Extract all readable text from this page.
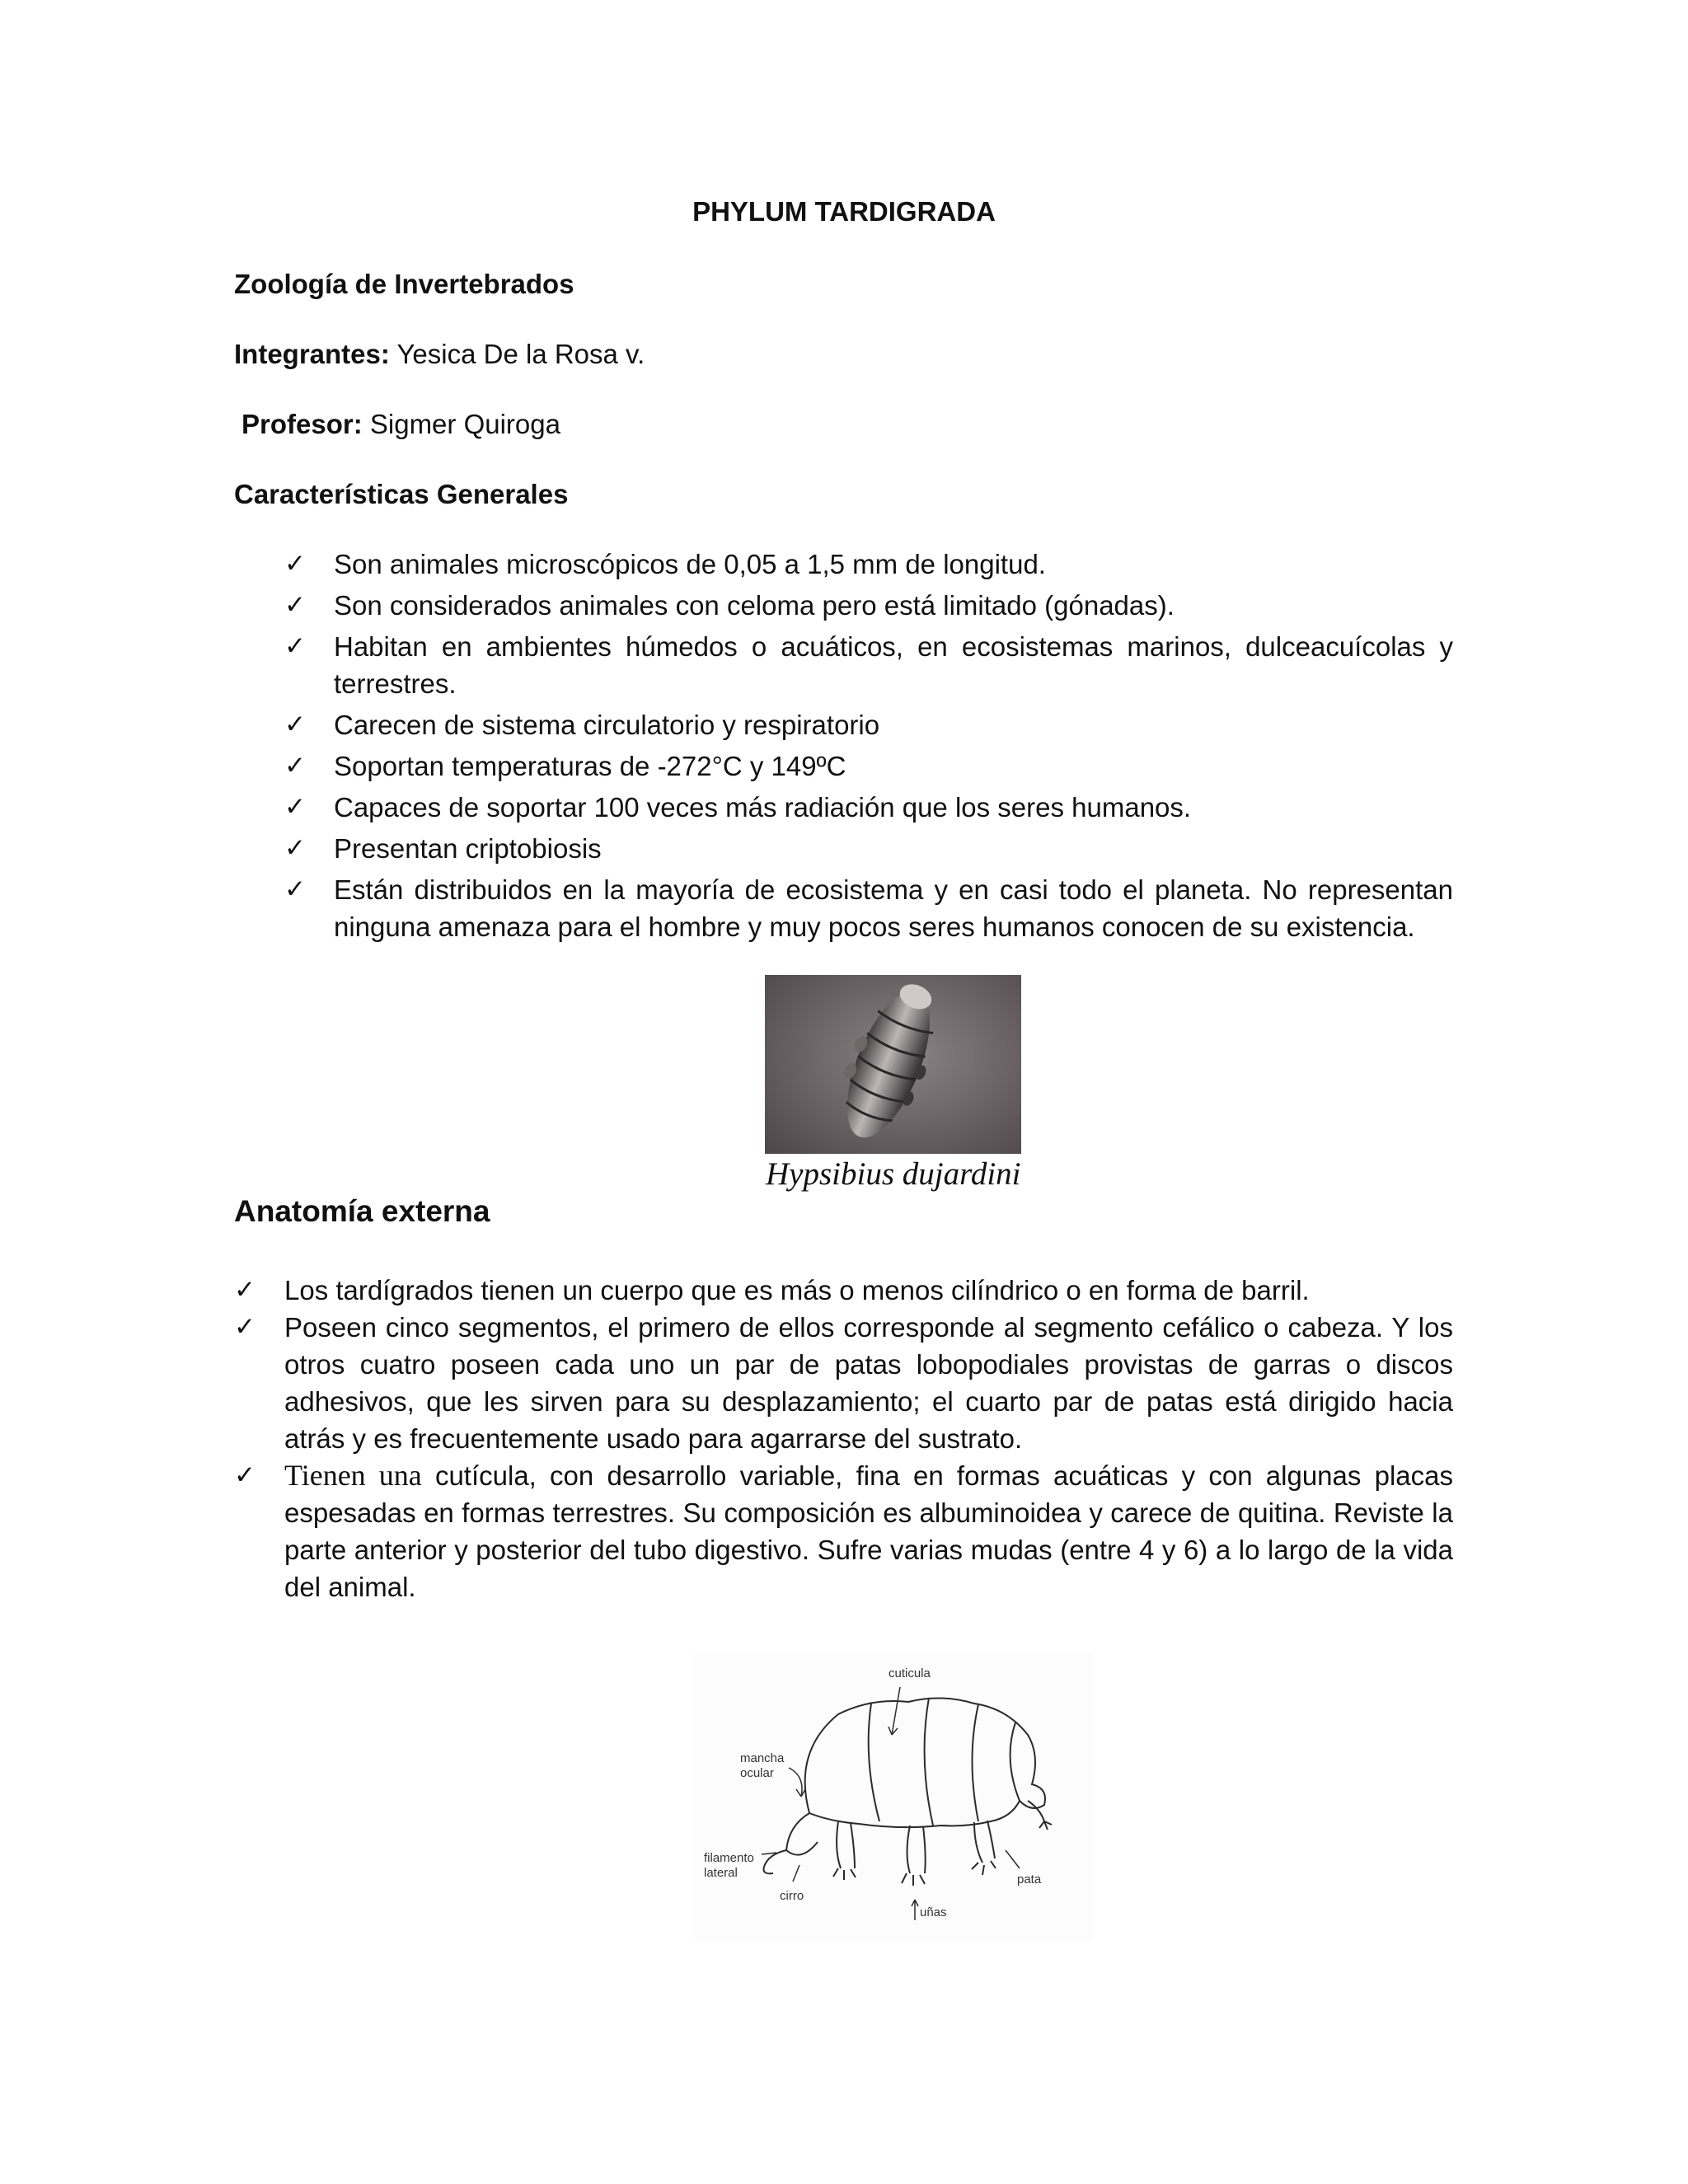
PHYLUM TARDIGRADA

Zoología de Invertebrados

Integrantes: Yesica De la Rosa v.

Profesor: Sigmer Quiroga

Características Generales

✓ Son animales microscópicos de 0,05 a 1,5 mm de longitud.
✓ Son considerados animales con celoma pero está limitado (gónadas).
✓ Habitan en ambientes húmedos o acuáticos, en ecosistemas marinos, dulceacuícolas y terrestres.
✓ Carecen de sistema circulatorio y respiratorio
✓ Soportan temperaturas de -272°C y 149ºC
✓ Capaces de soportar 100 veces más radiación que los seres humanos.
✓ Presentan criptobiosis
✓ Están distribuidos en la mayoría de ecosistema y en casi todo el planeta. No representan ninguna amenaza para el hombre y muy pocos seres humanos conocen de su existencia.
Hypsibius dujardini
Anatomía externa
✓ Los tardígrados tienen un cuerpo que es más o menos cilíndrico o en forma de barril.
✓ Poseen cinco segmentos, el primero de ellos corresponde al segmento cefálico o cabeza. Y los otros cuatro poseen cada uno un par de patas lobopodiales provistas de garras o discos adhesivos, que les sirven para su desplazamiento; el cuarto par de patas está dirigido hacia atrás y es frecuentemente usado para agarrarse del sustrato.
✓ Tienen una cutícula, con desarrollo variable, fina en formas acuáticas y con algunas placas espesadas en formas terrestres. Su composición es albuminoidea y carece de quitina. Reviste la parte anterior y posterior del tubo digestivo. Sufre varias mudas (entre 4 y 6) a lo largo de la vida del animal.
cuticula
mancha
ocular
filamento
lateral
cirro
uñas
pata
